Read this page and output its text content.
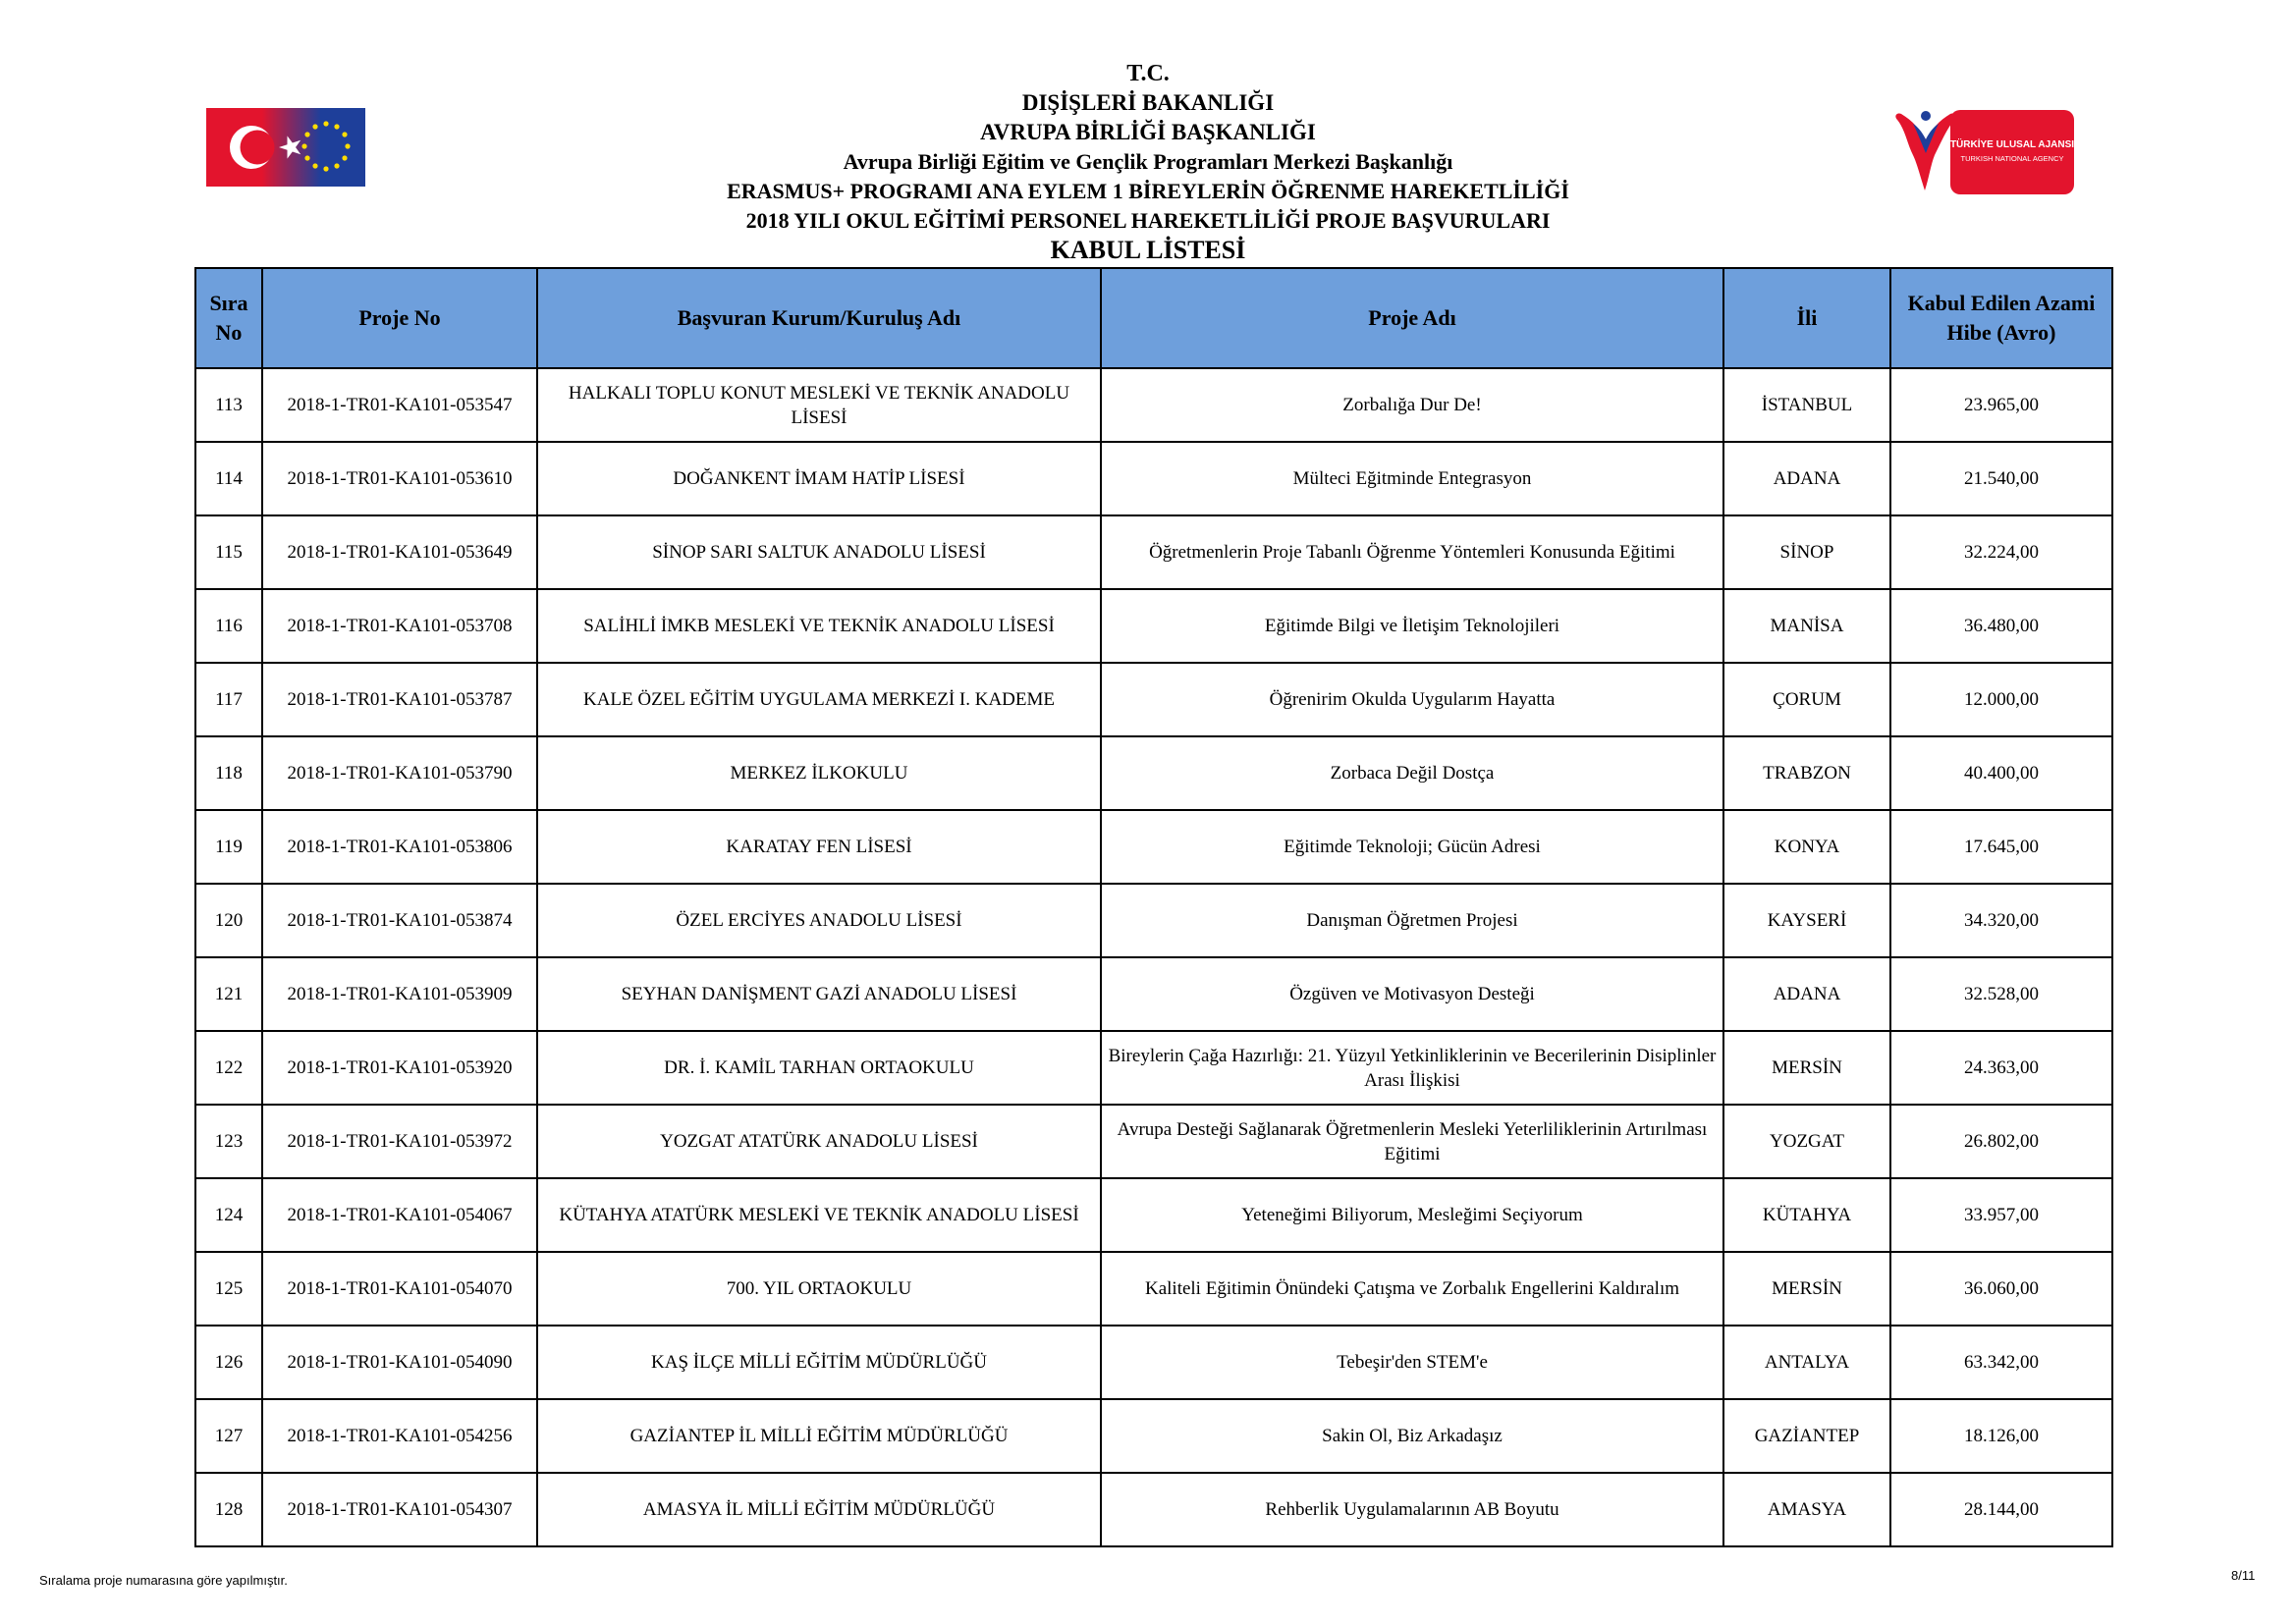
TÜRKİYE ULUSAL AJANSI
TURKISH NATIONAL AGENCY
T.C.
DIŞİŞLERİ BAKANLIĞI
AVRUPA BİRLİĞİ BAŞKANLIĞI
Avrupa Birliği Eğitim ve Gençlik Programları Merkezi Başkanlığı
ERASMUS+ PROGRAMI ANA EYLEM 1 BİREYLERİN ÖĞRENME HAREKETLİLİĞİ
2018 YILI OKUL EĞİTİMİ PERSONEL HAREKETLİLİĞİ PROJE BAŞVURULARI
KABUL LİSTESİ
Sıra No	Proje No	Başvuran Kurum/Kuruluş Adı	Proje Adı	İli	Kabul Edilen Azami Hibe (Avro)
113	2018-1-TR01-KA101-053547	HALKALI TOPLU KONUT MESLEKİ VE TEKNİK ANADOLU LİSESİ	Zorbalığa Dur De!	İSTANBUL	23.965,00
114	2018-1-TR01-KA101-053610	DOĞANKENT İMAM HATİP LİSESİ	Mülteci Eğitminde Entegrasyon	ADANA	21.540,00
115	2018-1-TR01-KA101-053649	SİNOP SARI SALTUK ANADOLU LİSESİ	Öğretmenlerin Proje Tabanlı Öğrenme Yöntemleri Konusunda Eğitimi	SİNOP	32.224,00
116	2018-1-TR01-KA101-053708	SALİHLİ İMKB MESLEKİ VE TEKNİK ANADOLU LİSESİ	Eğitimde Bilgi ve İletişim Teknolojileri	MANİSA	36.480,00
117	2018-1-TR01-KA101-053787	KALE ÖZEL EĞİTİM UYGULAMA MERKEZİ I. KADEME	Öğrenirim Okulda Uygularım Hayatta	ÇORUM	12.000,00
118	2018-1-TR01-KA101-053790	MERKEZ İLKOKULU	Zorbaca Değil Dostça	TRABZON	40.400,00
119	2018-1-TR01-KA101-053806	KARATAY FEN LİSESİ	Eğitimde Teknoloji; Gücün Adresi	KONYA	17.645,00
120	2018-1-TR01-KA101-053874	ÖZEL ERCİYES ANADOLU LİSESİ	Danışman Öğretmen Projesi	KAYSERİ	34.320,00
121	2018-1-TR01-KA101-053909	SEYHAN DANİŞMENT GAZİ ANADOLU LİSESİ	Özgüven ve Motivasyon Desteği	ADANA	32.528,00
122	2018-1-TR01-KA101-053920	DR. İ. KAMİL TARHAN ORTAOKULU	Bireylerin Çağa Hazırlığı: 21. Yüzyıl Yetkinliklerinin ve Becerilerinin Disiplinler Arası İlişkisi	MERSİN	24.363,00
123	2018-1-TR01-KA101-053972	YOZGAT ATATÜRK ANADOLU LİSESİ	Avrupa Desteği Sağlanarak Öğretmenlerin Mesleki Yeterliliklerinin Artırılması Eğitimi	YOZGAT	26.802,00
124	2018-1-TR01-KA101-054067	KÜTAHYA ATATÜRK MESLEKİ VE TEKNİK ANADOLU LİSESİ	Yeteneğimi Biliyorum, Mesleğimi Seçiyorum	KÜTAHYA	33.957,00
125	2018-1-TR01-KA101-054070	700. YIL ORTAOKULU	Kaliteli Eğitimin Önündeki Çatışma ve Zorbalık Engellerini Kaldıralım	MERSİN	36.060,00
126	2018-1-TR01-KA101-054090	KAŞ İLÇE MİLLİ EĞİTİM MÜDÜRLÜĞÜ	Tebeşir'den STEM'e	ANTALYA	63.342,00
127	2018-1-TR01-KA101-054256	GAZİANTEP İL MİLLİ EĞİTİM MÜDÜRLÜĞÜ	Sakin Ol, Biz Arkadaşız	GAZİANTEP	18.126,00
128	2018-1-TR01-KA101-054307	AMASYA İL MİLLİ EĞİTİM MÜDÜRLÜĞÜ	Rehberlik Uygulamalarının AB Boyutu	AMASYA	28.144,00
Sıralama proje numarasına göre yapılmıştır.	8/11
